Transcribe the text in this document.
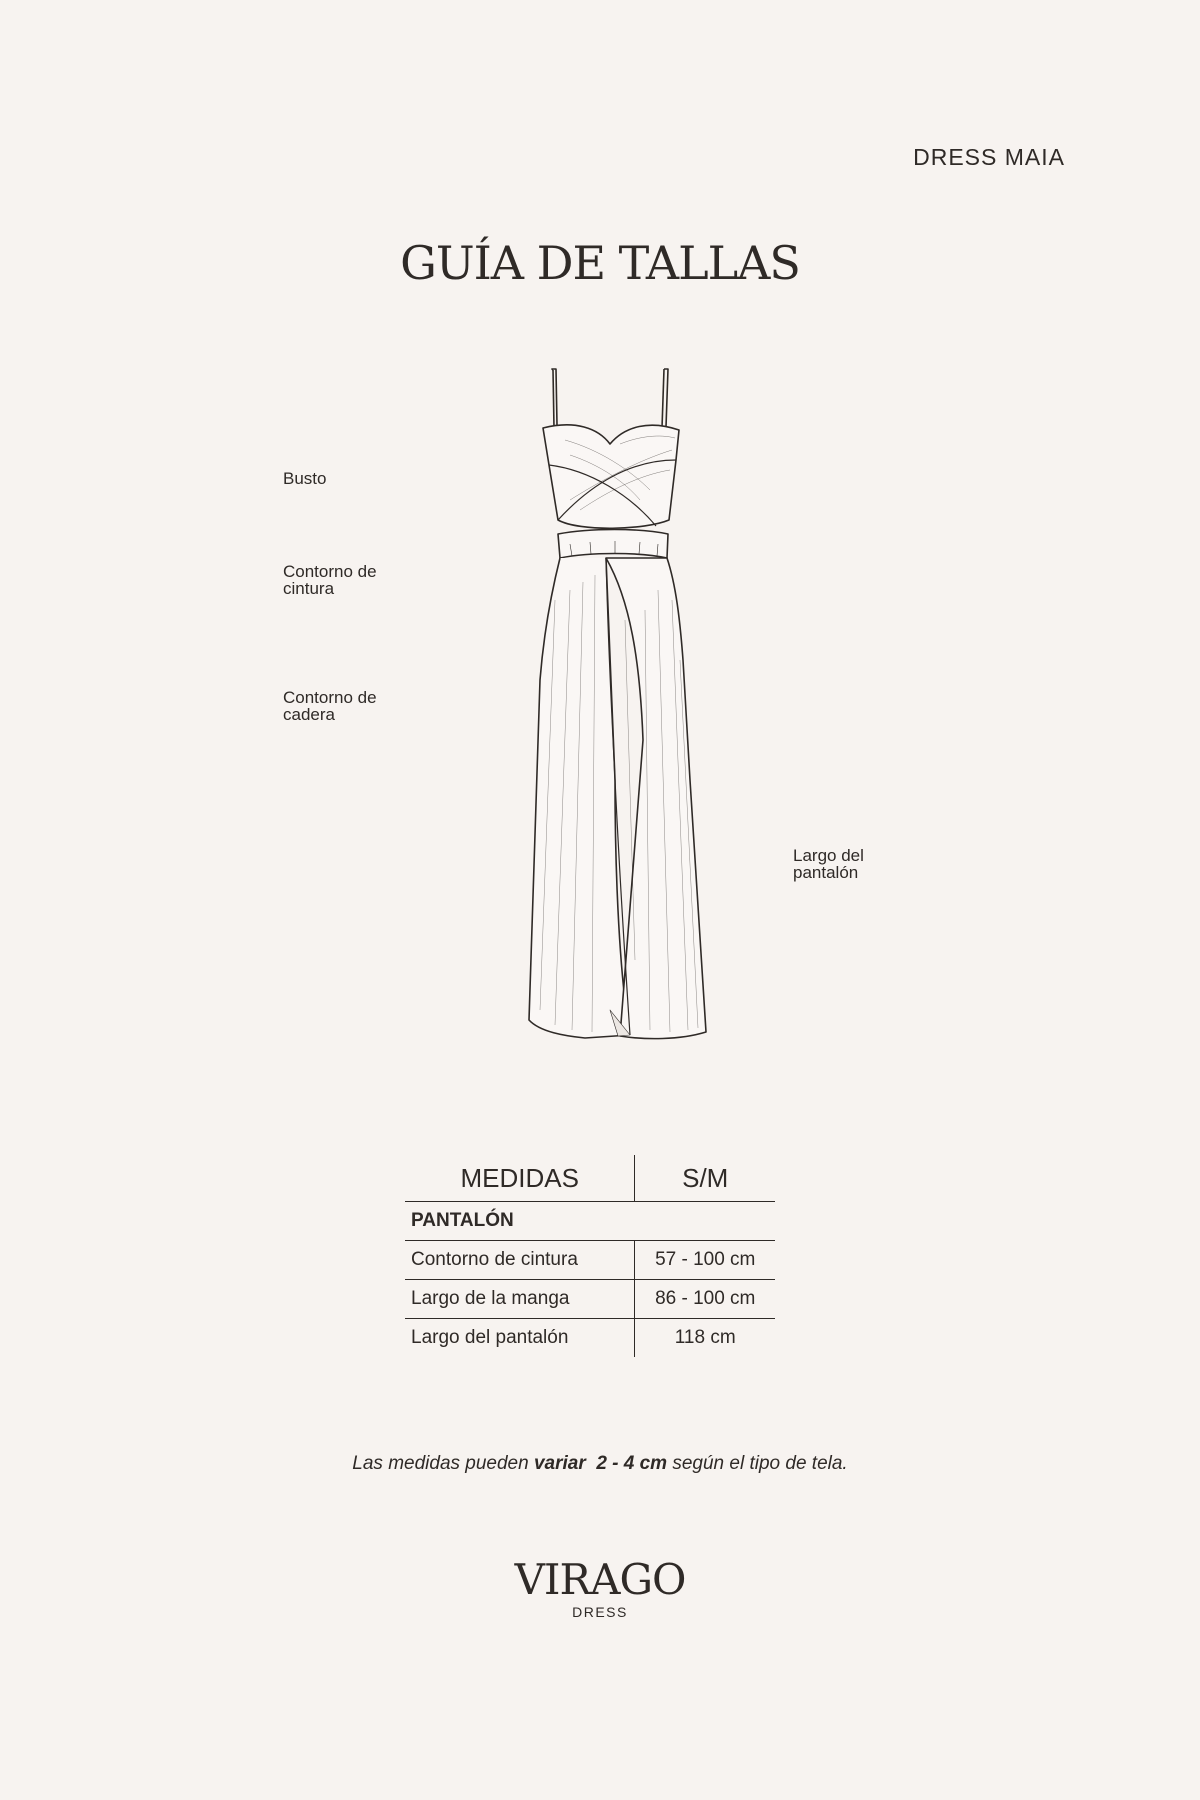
DRESS MAIA
GUÍA DE TALLAS
Busto
Contorno de
cintura
Contorno de
cadera
Largo del
pantalón
MEDIDAS	S/M
PANTALÓN	
Contorno de cintura	57 - 100 cm
Largo de la manga	86 - 100 cm
Largo del pantalón	118 cm
Las medidas pueden variar 2 - 4 cm según el tipo de tela.
VIRAGO
DRESS
